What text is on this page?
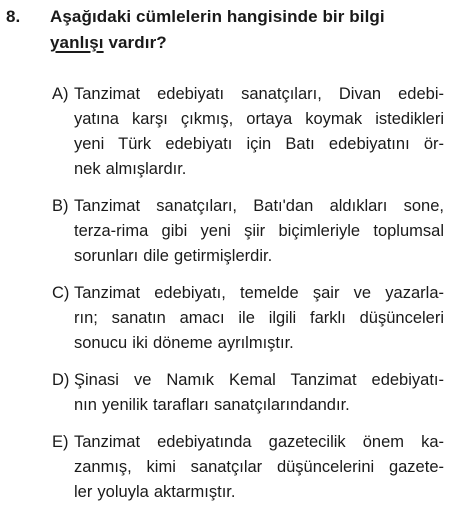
8. Aşağıdaki cümlelerin hangisinde bir bilgi
yanlışı vardır?
A) Tanzimat edebiyatı sanatçıları, Divan edebi-
yatına karşı çıkmış, ortaya koymak istedikleri
yeni Türk edebiyatı için Batı edebiyatını ör-
nek almışlardır.
B) Tanzimat sanatçıları, Batı'dan aldıkları sone,
terza-rima gibi yeni şiir biçimleriyle toplumsal
sorunları dile getirmişlerdir.
C) Tanzimat edebiyatı, temelde şair ve yazarla-
rın; sanatın amacı ile ilgili farklı düşünceleri
sonucu iki döneme ayrılmıştır.
D) Şinasi ve Namık Kemal Tanzimat edebiyatı-
nın yenilik tarafları sanatçılarındandır.
E) Tanzimat edebiyatında gazetecilik önem ka-
zanmış, kimi sanatçılar düşüncelerini gazete-
ler yoluyla aktarmıştır.
